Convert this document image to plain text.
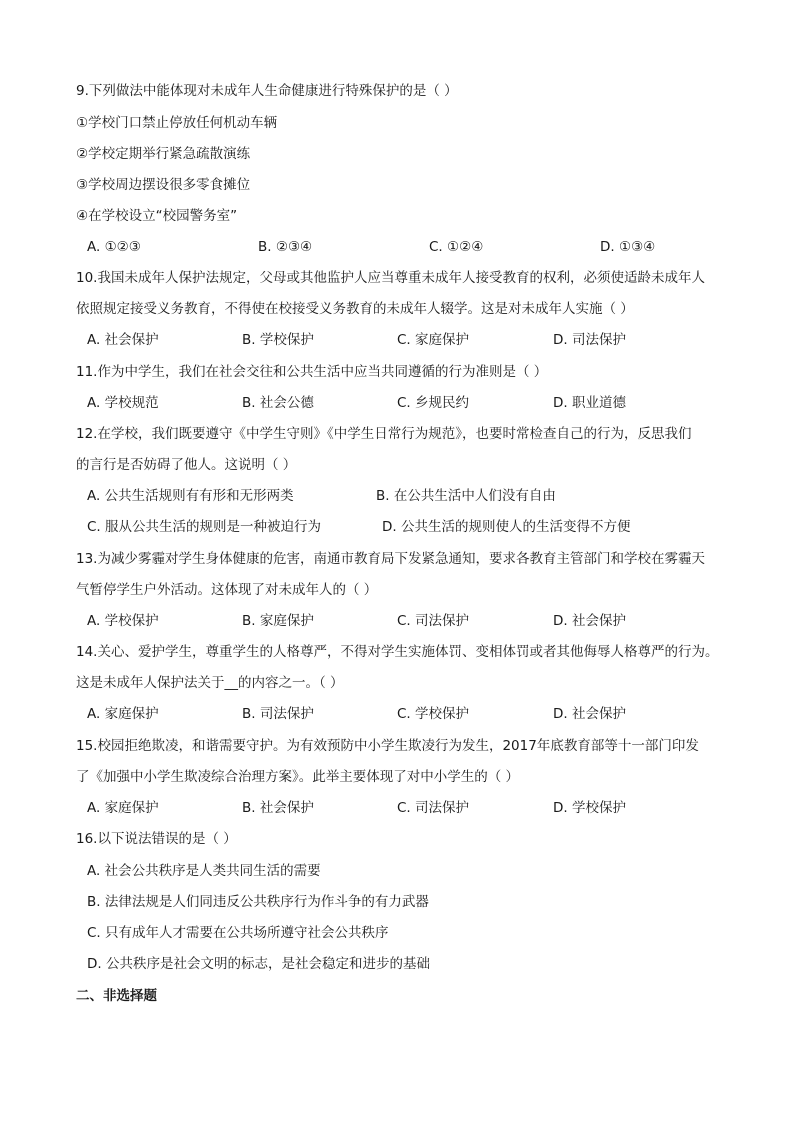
9.下列做法中能体现对未成年人生命健康进行特殊保护的是（ ）
①学校门口禁止停放任何机动车辆
②学校定期举行紧急疏散演练
③学校周边摆设很多零食摊位
④在学校设立“校园警务室”
A. ①②③	B. ②③④	C. ①②④	D. ①③④
10.我国未成年人保护法规定，父母或其他监护人应当尊重未成年人接受教育的权利，必须使适龄未成年人
依照规定接受义务教育，不得使在校接受义务教育的未成年人辍学。这是对未成年人实施（ ）
A. 社会保护	B. 学校保护	C. 家庭保护	D. 司法保护
11.作为中学生，我们在社会交往和公共生活中应当共同遵循的行为准则是（ ）
A. 学校规范	B. 社会公德	C. 乡规民约	D. 职业道德
12.在学校，我们既要遵守《中学生守则》《中学生日常行为规范》，也要时常检查自己的行为，反思我们
的言行是否妨碍了他人。这说明（ ）
A. 公共生活规则有有形和无形两类	B. 在公共生活中人们没有自由
C. 服从公共生活的规则是一种被迫行为	D. 公共生活的规则使人的生活变得不方便
13.为减少雾霾对学生身体健康的危害，南通市教育局下发紧急通知，要求各教育主管部门和学校在雾霾天
气暂停学生户外活动。这体现了对未成年人的（ ）
A. 学校保护	B. 家庭保护	C. 司法保护	D. 社会保护
14.关心、爱护学生，尊重学生的人格尊严，不得对学生实施体罚、变相体罚或者其他侮辱人格尊严的行为。
这是未成年人保护法关于__的内容之一。（ ）
A. 家庭保护	B. 司法保护	C. 学校保护	D. 社会保护
15.校园拒绝欺凌，和谐需要守护。为有效预防中小学生欺凌行为发生，2017年底教育部等十一部门印发
了《加强中小学生欺凌综合治理方案》。此举主要体现了对中小学生的（ ）
A. 家庭保护	B. 社会保护	C. 司法保护	D. 学校保护
16.以下说法错误的是（ ）
A. 社会公共秩序是人类共同生活的需要
B. 法律法规是人们同违反公共秩序行为作斗争的有力武器
C. 只有成年人才需要在公共场所遵守社会公共秩序
D. 公共秩序是社会文明的标志，是社会稳定和进步的基础
二、非选择题
